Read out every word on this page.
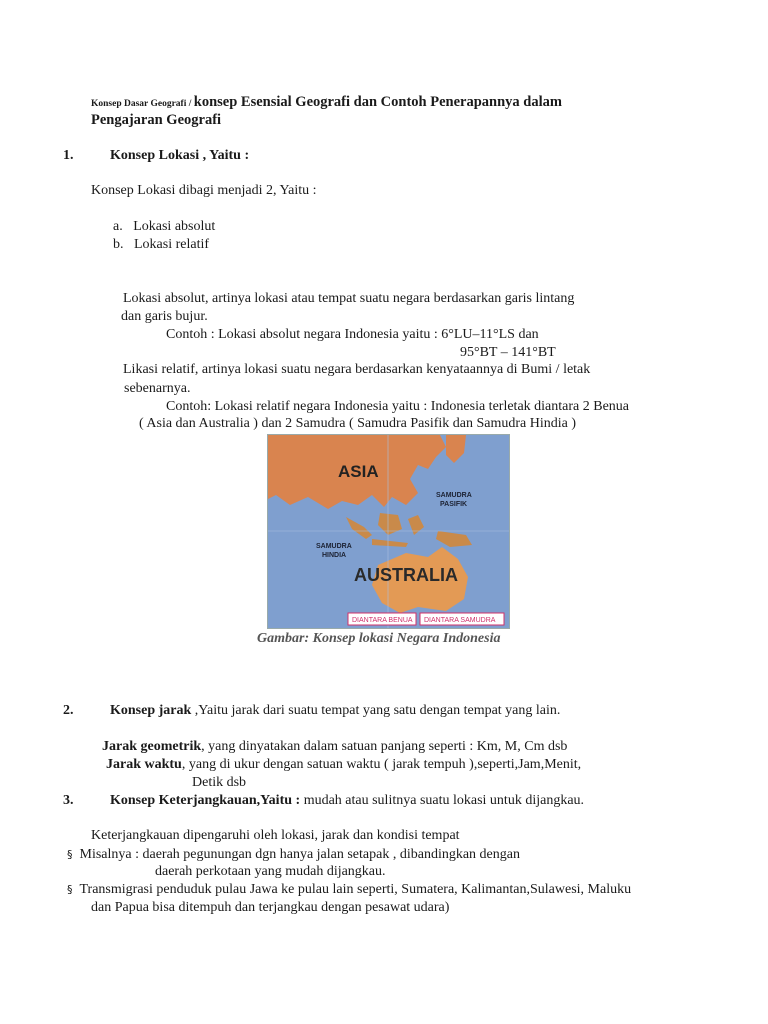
Konsep Dasar Geografi / konsep Esensial Geografi dan Contoh Penerapannya dalam
Pengajaran Geografi
1.	Konsep Lokasi , Yaitu :
Konsep Lokasi dibagi menjadi 2, Yaitu :
a. Lokasi absolut
b. Lokasi relatif
Lokasi absolut, artinya lokasi atau tempat suatu negara berdasarkan garis lintang
dan garis bujur.
Contoh : Lokasi absolut negara Indonesia yaitu : 6°LU–11°LS dan
95°BT – 141°BT
Likasi relatif, artinya lokasi suatu negara berdasarkan kenyataannya di Bumi / letak
sebenarnya.
Contoh: Lokasi relatif negara Indonesia yaitu : Indonesia terletak diantara 2 Benua
( Asia dan Australia ) dan 2 Samudra ( Samudra Pasifik dan Samudra Hindia )
ASIA
AUSTRALIA
SAMUDRA
PASIFIK
SAMUDRA
HINDIA
DIANTARA BENUA DIANTARA SAMUDRA
Gambar: Konsep lokasi Negara Indonesia
2.	Konsep jarak ,Yaitu jarak dari suatu tempat yang satu dengan tempat yang lain.
Jarak geometrik, yang dinyatakan dalam satuan panjang seperti : Km, M, Cm dsb
Jarak waktu, yang di ukur dengan satuan waktu ( jarak tempuh ),seperti,Jam,Menit,
Detik dsb
3.	Konsep Keterjangkauan,Yaitu : mudah atau sulitnya suatu lokasi untuk dijangkau.
Keterjangkauan dipengaruhi oleh lokasi, jarak dan kondisi tempat
§ Misalnya : daerah pegunungan dgn hanya jalan setapak , dibandingkan dengan
daerah perkotaan yang mudah dijangkau.
§ Transmigrasi penduduk pulau Jawa ke pulau lain seperti, Sumatera, Kalimantan,Sulawesi, Maluku
dan Papua bisa ditempuh dan terjangkau dengan pesawat udara)
